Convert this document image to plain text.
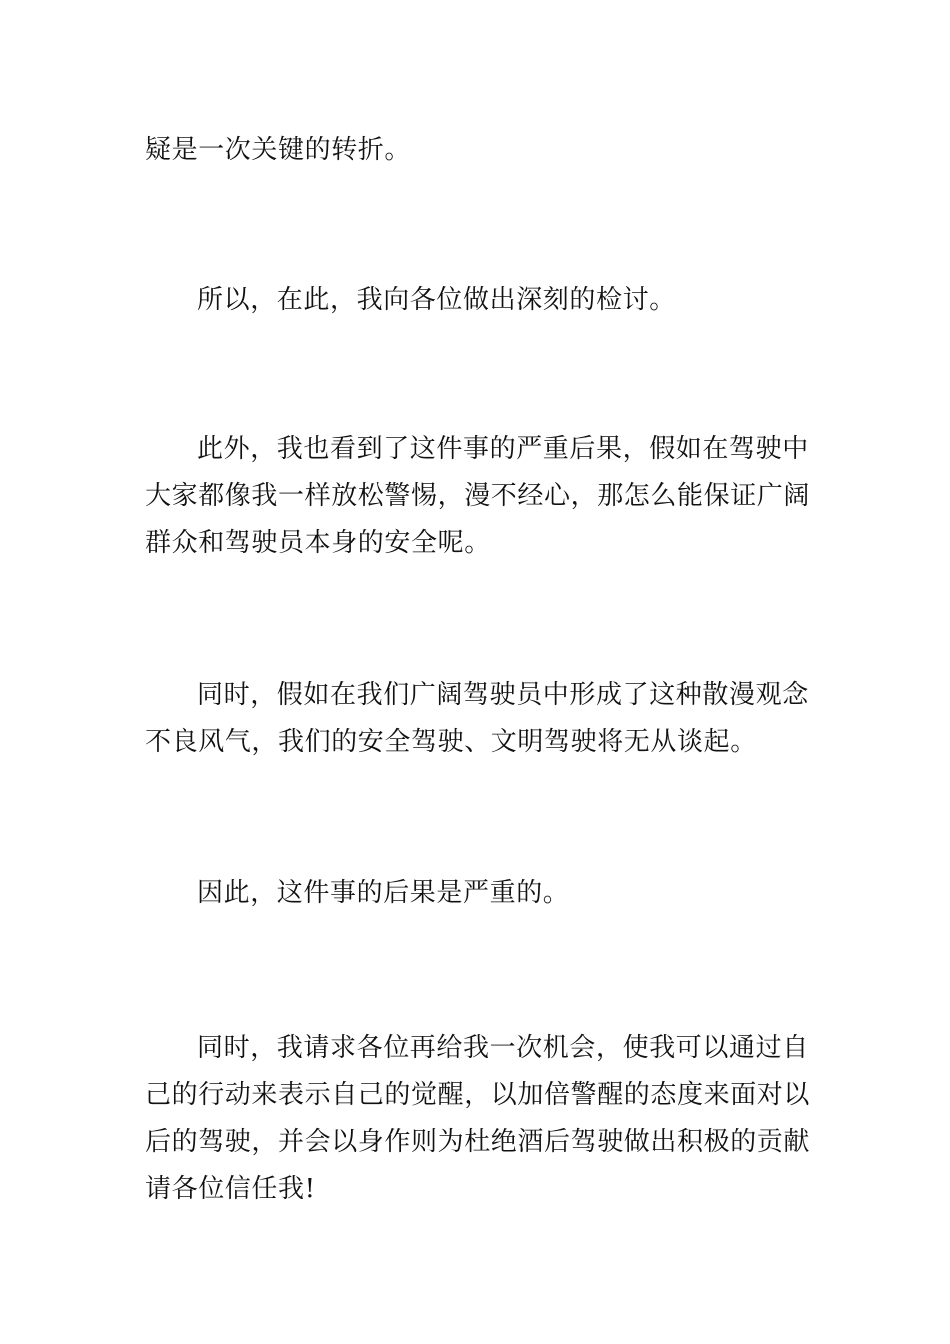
疑是一次关键的转折。

所以，在此，我向各位做出深刻的检讨。

此外，我也看到了这件事的严重后果，假如在驾驶中
大家都像我一样放松警惕，漫不经心，那怎么能保证广阔
群众和驾驶员本身的安全呢。

同时，假如在我们广阔驾驶员中形成了这种散漫观念
不良风气，我们的安全驾驶、文明驾驶将无从谈起。

因此，这件事的后果是严重的。

同时，我请求各位再给我一次机会，使我可以通过自
己的行动来表示自己的觉醒，以加倍警醒的态度来面对以
后的驾驶，并会以身作则为杜绝酒后驾驶做出积极的贡献
请各位信任我!
